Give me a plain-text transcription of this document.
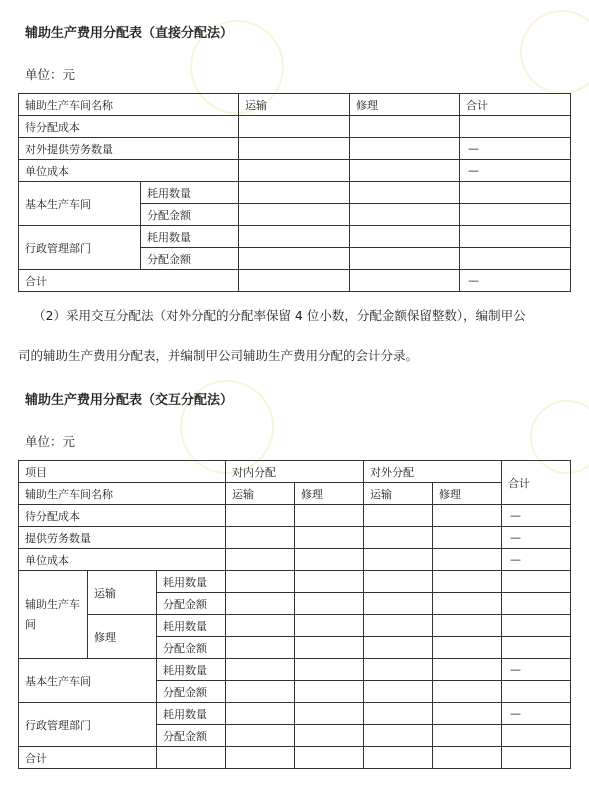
辅助生产费用分配表（直接分配法）
单位：元
辅助生产车间名称		运输	修理	合计
待分配成本				
对外提供劳务数量				—
单位成本				—
基本生产车间	耗用数量			
	分配金额			
行政管理部门	耗用数量			
	分配金额			
合计				—
（2）采用交互分配法（对外分配的分配率保留 4 位小数，分配金额保留整数），编制甲公
司的辅助生产费用分配表，并编制甲公司辅助生产费用分配的会计分录。
辅助生产费用分配表（交互分配法）
单位：元
项目			对内分配		对外分配		合计
辅助生产车间名称			运输	修理	运输	修理	
待分配成本							—
提供劳务数量							—
单位成本							—
辅助生产车间	运输	耗用数量					
		分配金额					
	修理	耗用数量					
		分配金额					
基本生产车间		耗用数量					—
		分配金额					
行政管理部门		耗用数量					—
		分配金额					
合计							
